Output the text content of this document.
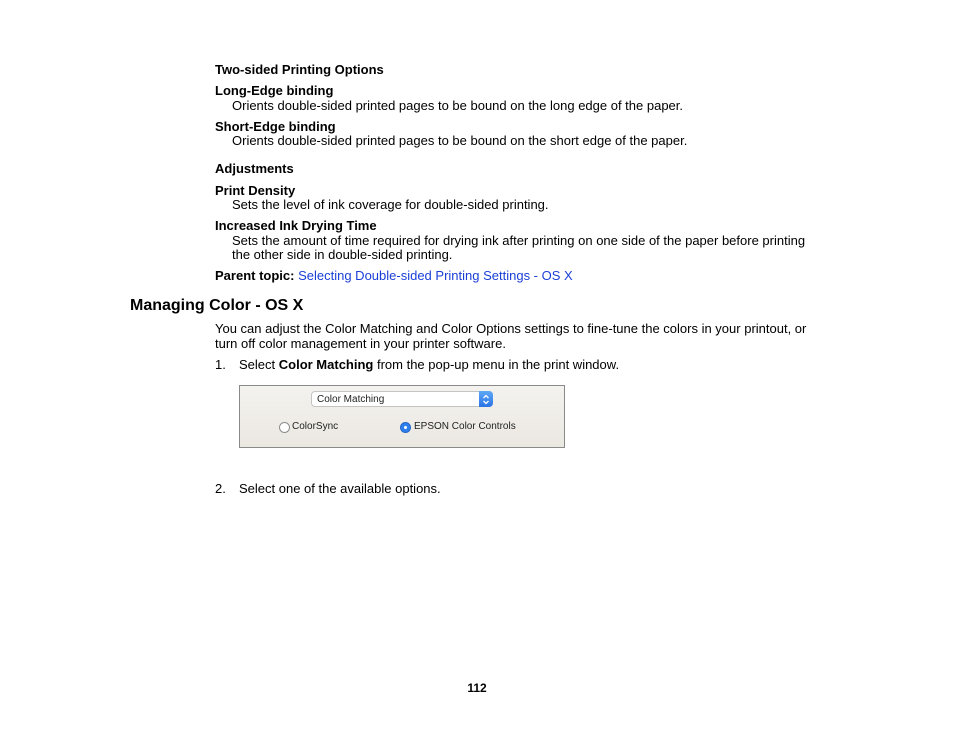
Two-sided Printing Options
Long-Edge binding
Orients double-sided printed pages to be bound on the long edge of the paper.
Short-Edge binding
Orients double-sided printed pages to be bound on the short edge of the paper.
Adjustments
Print Density
Sets the level of ink coverage for double-sided printing.
Increased Ink Drying Time
Sets the amount of time required for drying ink after printing on one side of the paper before printing
the other side in double-sided printing.
Parent topic: Selecting Double-sided Printing Settings - OS X
Managing Color - OS X
You can adjust the Color Matching and Color Options settings to fine-tune the colors in your printout, or
turn off color management in your printer software.
1. Select Color Matching from the pop-up menu in the print window.
Color Matching
ColorSync	EPSON Color Controls
2. Select one of the available options.
112
